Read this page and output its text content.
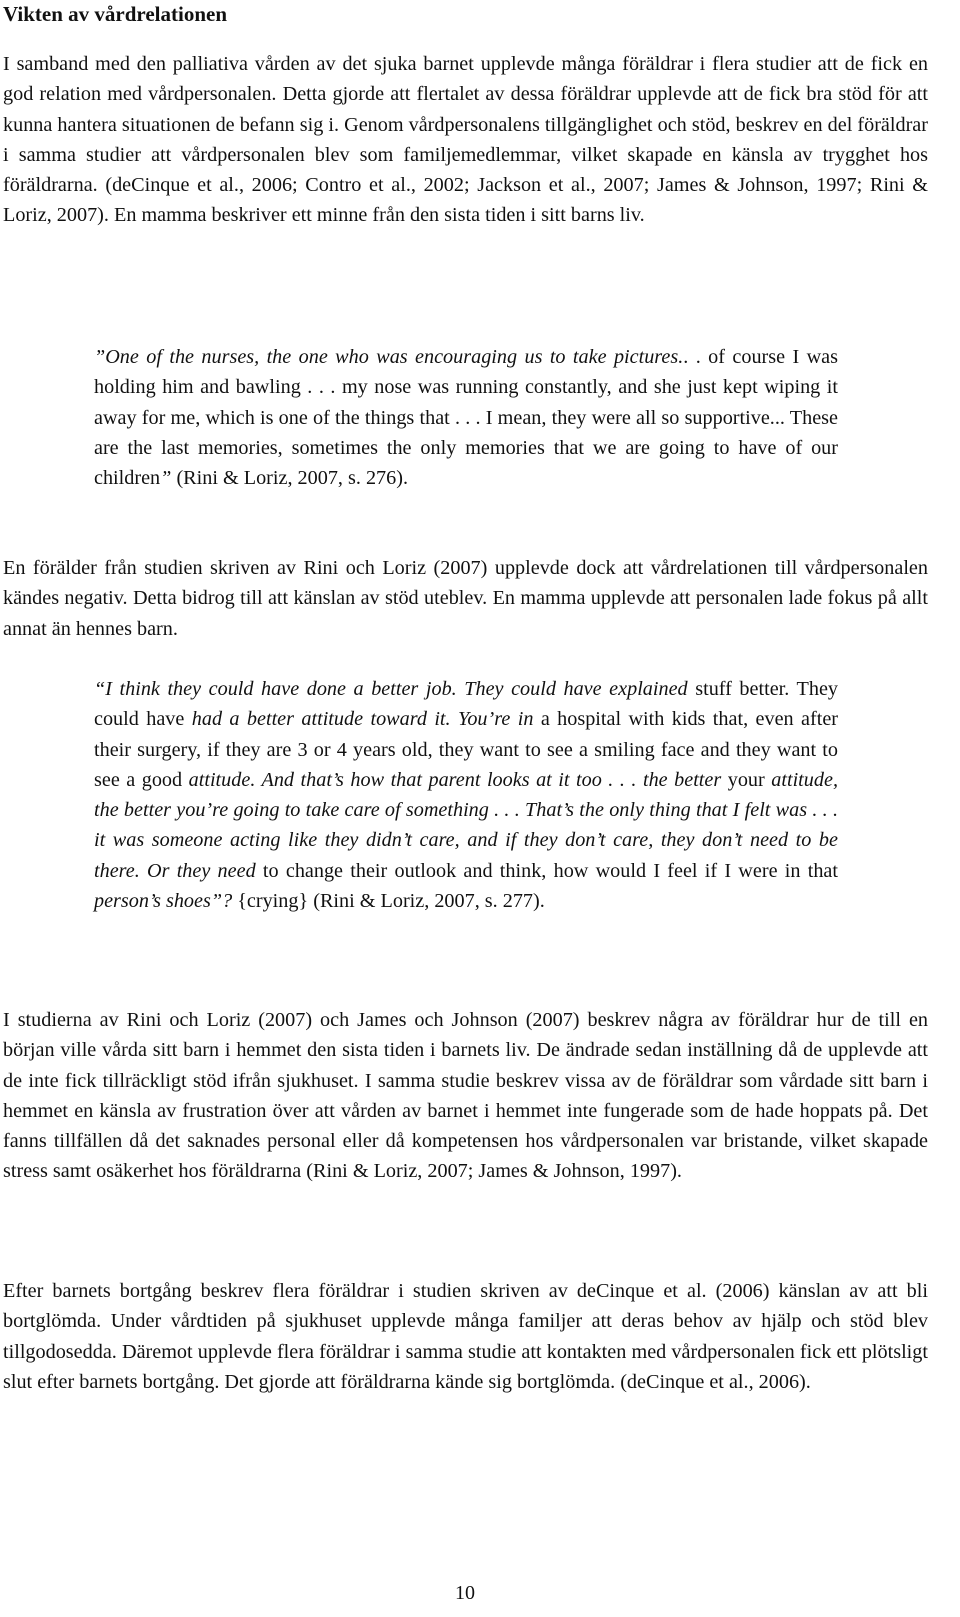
Vikten av vårdrelationen

I samband med den palliativa vården av det sjuka barnet upplevde många föräldrar i flera studier att de fick en god relation med vårdpersonalen. Detta gjorde att flertalet av dessa föräldrar upplevde att de fick bra stöd för att kunna hantera situationen de befann sig i. Genom vårdpersonalens tillgänglighet och stöd, beskrev en del föräldrar i samma studier att vårdpersonalen blev som familjemedlemmar, vilket skapade en känsla av trygghet hos föräldrarna. (deCinque et al., 2006; Contro et al., 2002; Jackson et al., 2007; James & Johnson, 1997; Rini & Loriz, 2007). En mamma beskriver ett minne från den sista tiden i sitt barns liv.

”One of the nurses, the one who was encouraging us to take pictures.. . of course I was holding him and bawling . . . my nose was running constantly, and she just kept wiping it away for me, which is one of the things that . . . I mean, they were all so supportive... These are the last memories, sometimes the only memories that we are going to have of our children” (Rini & Loriz, 2007, s. 276).

En förälder från studien skriven av Rini och Loriz (2007) upplevde dock att vårdrelationen till vårdpersonalen kändes negativ. Detta bidrog till att känslan av stöd uteblev. En mamma upplevde att personalen lade fokus på allt annat än hennes barn.

“I think they could have done a better job. They could have explained stuff better. They could have had a better attitude toward it. You’re in a hospital with kids that, even after their surgery, if they are 3 or 4 years old, they want to see a smiling face and they want to see a good attitude. And that’s how that parent looks at it too . . . the better your attitude, the better you’re going to take care of something . . . That’s the only thing that I felt was . . . it was someone acting like they didn’t care, and if they don’t care, they don’t need to be there. Or they need to change their outlook and think, how would I feel if I were in that person’s shoes”? {crying} (Rini & Loriz, 2007, s. 277).

I studierna av Rini och Loriz (2007) och James och Johnson (2007) beskrev några av föräldrar hur de till en början ville vårda sitt barn i hemmet den sista tiden i barnets liv. De ändrade sedan inställning då de upplevde att de inte fick tillräckligt stöd ifrån sjukhuset. I samma studie beskrev vissa av de föräldrar som vårdade sitt barn i hemmet en känsla av frustration över att vården av barnet i hemmet inte fungerade som de hade hoppats på. Det fanns tillfällen då det saknades personal eller då kompetensen hos vårdpersonalen var bristande, vilket skapade stress samt osäkerhet hos föräldrarna (Rini & Loriz, 2007; James & Johnson, 1997).

Efter barnets bortgång beskrev flera föräldrar i studien skriven av deCinque et al. (2006) känslan av att bli bortglömda. Under vårdtiden på sjukhuset upplevde många familjer att deras behov av hjälp och stöd blev tillgodosedda. Däremot upplevde flera föräldrar i samma studie att kontakten med vårdpersonalen fick ett plötsligt slut efter barnets bortgång. Det gjorde att föräldrarna kände sig bortglömda. (deCinque et al., 2006).

10
